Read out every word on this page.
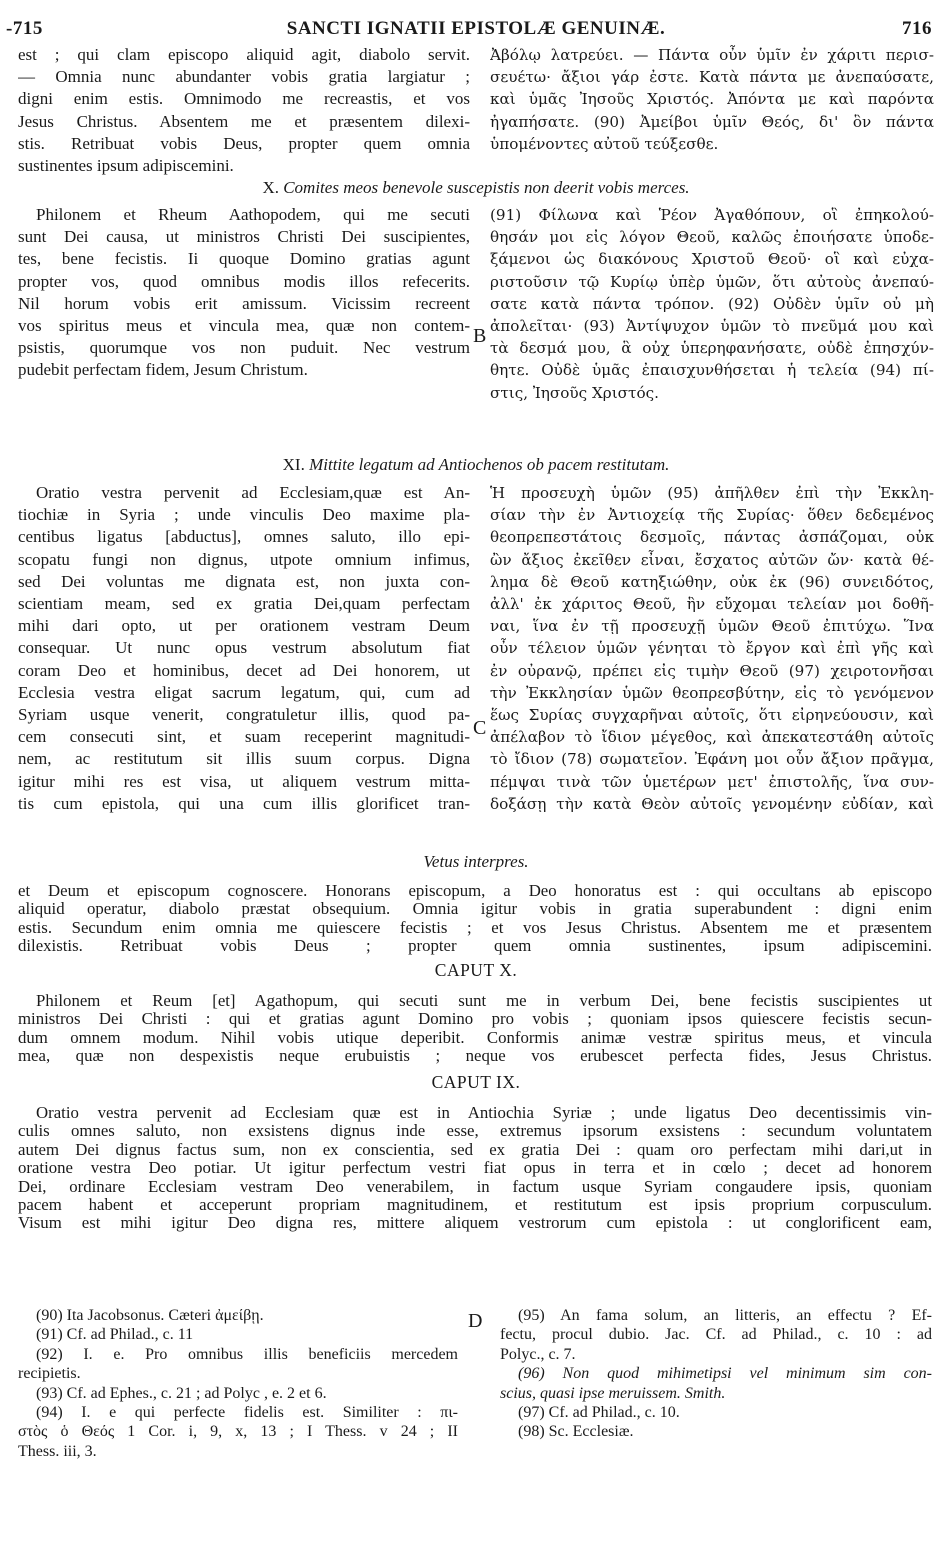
-715	SANCTI IGNATII EPISTOLÆ GENUINÆ.	716
est ; qui clam episcopo aliquid agit, diabolo servit.
— Omnia nunc abundanter vobis gratia largiatur ;
digni enim estis. Omnimodo me recreastis, et vos
Jesus Christus. Absentem me et præsentem dilexi-
stis. Retribuat vobis Deus, propter quem omnia
sustinentes ipsum adipiscemini.
Ἀβόλῳ λατρεύει. — Πάντα οὖν ὑμῖν ἐν χάριτι περισ-
σευέτω· ἄξιοι γάρ ἐστε. Κατὰ πάντα με ἀνεπαύσατε,
καὶ ὑμᾶς Ἰησοῦς Χριστός. Ἀπόντα με καὶ παρόντα
ἠγαπήσατε. (90) Ἀμείβοι ὑμῖν Θεός, δι' ὃν πάντα
ὑπομένοντες αὐτοῦ τεύξεσθε.
X. Comites meos benevole suscepistis non deerit vobis merces.
Philonem et Rheum Aathopodem, qui me secuti
sunt Dei causa, ut ministros Christi Dei suscipientes,
tes, bene fecistis. Ii quoque Domino gratias agunt
propter vos, quod omnibus modis illos refecerits.
Nil horum vobis erit amissum. Vicissim recreent
vos spiritus meus et vincula mea, quæ non contem-
psistis, quorumque vos non puduit. Nec vestrum
pudebit perfectam fidem, Jesum Christum.
B
(91) Φίλωνα καὶ Ῥέον Ἀγαθόπουν, οἳ ἐπηκολού-
θησάν μοι εἰς λόγον Θεοῦ, καλῶς ἐποιήσατε ὑποδε-
ξάμενοι ὡς διακόνους Χριστοῦ Θεοῦ· οἳ καὶ εὐχα-
ριστοῦσιν τῷ Κυρίῳ ὑπὲρ ὑμῶν, ὅτι αὐτοὺς ἀνεπαύ-
σατε κατὰ πάντα τρόπον. (92) Οὐδὲν ὑμῖν οὐ μὴ
ἀπολεῖται· (93) Ἀντίψυχον ὑμῶν τὸ πνεῦμά μου καὶ
τὰ δεσμά μου, ἃ οὐχ ὑπερηφανήσατε, οὐδὲ ἐπησχύν-
θητε. Οὐδὲ ὑμᾶς ἐπαισχυνθήσεται ἡ τελεία (94) πί-
στις, Ἰησοῦς Χριστός.
XI. Mittite legatum ad Antiochenos ob pacem restitutam.
Oratio vestra pervenit ad Ecclesiam,quæ est An-
tiochiæ in Syria ; unde vinculis Deo maxime pla-
centibus ligatus [abductus], omnes saluto, illo epi-
scopatu fungi non dignus, utpote omnium infimus,
sed Dei voluntas me dignata est, non juxta con-
scientiam meam, sed ex gratia Dei,quam perfectam
mihi dari opto, ut per orationem vestram Deum
consequar. Ut nunc opus vestrum absolutum fiat
coram Deo et hominibus, decet ad Dei honorem, ut
Ecclesia vestra eligat sacrum legatum, qui, cum ad
Syriam usque venerit, congratuletur illis, quod pa-
cem consecuti sint, et suam receperint magnitudi-
nem, ac restitutum sit illis suum corpus. Digna
igitur mihi res est visa, ut aliquem vestrum mitta-
tis cum epistola, qui una cum illis glorificet tran-
C
Ἡ προσευχὴ ὑμῶν (95) ἀπῆλθεν ἐπὶ τὴν Ἐκκλη-
σίαν τὴν ἐν Ἀντιοχείᾳ τῆς Συρίας· ὅθεν δεδεμένος
θεοπρεπεστάτοις δεσμοῖς, πάντας ἀσπάζομαι, οὐκ
ὢν ἄξιος ἐκεῖθεν εἶναι, ἔσχατος αὐτῶν ὤν· κατὰ θέ-
λημα δὲ Θεοῦ κατηξιώθην, οὐκ ἐκ (96) συνειδότος,
ἀλλ' ἐκ χάριτος Θεοῦ, ἣν εὔχομαι τελείαν μοι δοθῆ-
ναι, ἵνα ἐν τῇ προσευχῇ ὑμῶν Θεοῦ ἐπιτύχω. Ἵνα
οὖν τέλειον ὑμῶν γένηται τὸ ἔργον καὶ ἐπὶ γῆς καὶ
ἐν οὐρανῷ, πρέπει εἰς τιμὴν Θεοῦ (97) χειροτονῆσαι
τὴν Ἐκκλησίαν ὑμῶν θεοπρεσβύτην, εἰς τὸ γενόμενον
ἕως Συρίας συγχαρῆναι αὐτοῖς, ὅτι εἰρηνεύουσιν, καὶ
ἀπέλαβον τὸ ἴδιον μέγεθος, καὶ ἀπεκατεστάθη αὐτοῖς
τὸ ἴδιον (78) σωματεῖον. Ἐφάνη μοι οὖν ἄξιον πρᾶγμα,
πέμψαι τινὰ τῶν ὑμετέρων μετ' ἐπιστολῆς, ἵνα συν-
δοξάσῃ τὴν κατὰ Θεὸν αὐτοῖς γενομένην εὐδίαν, καὶ
Vetus interpres.
et Deum et episcopum cognoscere. Honorans episcopum, a Deo honoratus est : qui occultans ab episcopo
aliquid operatur, diabolo præstat obsequium. Omnia igitur vobis in gratia superabundent : digni enim
estis. Secundum enim omnia me quiescere fecistis ; et vos Jesus Christus. Absentem me et præsentem
dilexistis. Retribuat vobis Deus ; propter quem omnia sustinentes, ipsum adipiscemini.
CAPUT X.
Philonem et Reum [et] Agathopum, qui secuti sunt me in verbum Dei, bene fecistis suscipientes ut
ministros Dei Christi : qui et gratias agunt Domino pro vobis ; quoniam ipsos quiescere fecistis secun-
dum omnem modum. Nihil vobis utique deperibit. Conformis animæ vestræ spiritus meus, et vincula
mea, quæ non despexistis neque erubuistis ; neque vos erubescet perfecta fides, Jesus Christus.
CAPUT IX.
Oratio vestra pervenit ad Ecclesiam quæ est in Antiochia Syriæ ; unde ligatus Deo decentissimis vin-
culis omnes saluto, non exsistens dignus inde esse, extremus ipsorum exsistens : secundum voluntatem
autem Dei dignus factus sum, non ex conscientia, sed ex gratia Dei : quam oro perfectam mihi dari,ut in
oratione vestra Deo potiar. Ut igitur perfectum vestri fiat opus in terra et in cœlo ; decet ad honorem
Dei, ordinare Ecclesiam vestram Deo venerabilem, in factum usque Syriam congaudere ipsis, quoniam
pacem habent et acceperunt propriam magnitudinem, et restitutum est ipsis proprium corpusculum.
Visum est mihi igitur Deo digna res, mittere aliquem vestrorum cum epistola : ut conglorificent eam,
(90) Ita Jacobsonus. Cæteri ἀμείβῃ.
(91) Cf. ad Philad., c. 11
(92) I. e. Pro omnibus illis beneficiis mercedem
recipietis.
(93) Cf. ad Ephes., c. 21 ; ad Polyc , e. 2 et 6.
(94) I. e qui perfecte fidelis est. Similiter : πι-
στὸς ὁ Θεός 1 Cor. i, 9, x, 13 ; I Thess. v 24 ; II
Thess. iii, 3.
D	(95) An fama solum, an litteris, an effectu ? Ef-
fectu, procul dubio. Jac. Cf. ad Philad., c. 10 : ad
Polyc., c. 7.
(96) Non quod mihimetipsi vel minimum sim con-
scius, quasi ipse meruissem. Smith.
(97) Cf. ad Philad., c. 10.
(98) Sc. Ecclesiæ.
